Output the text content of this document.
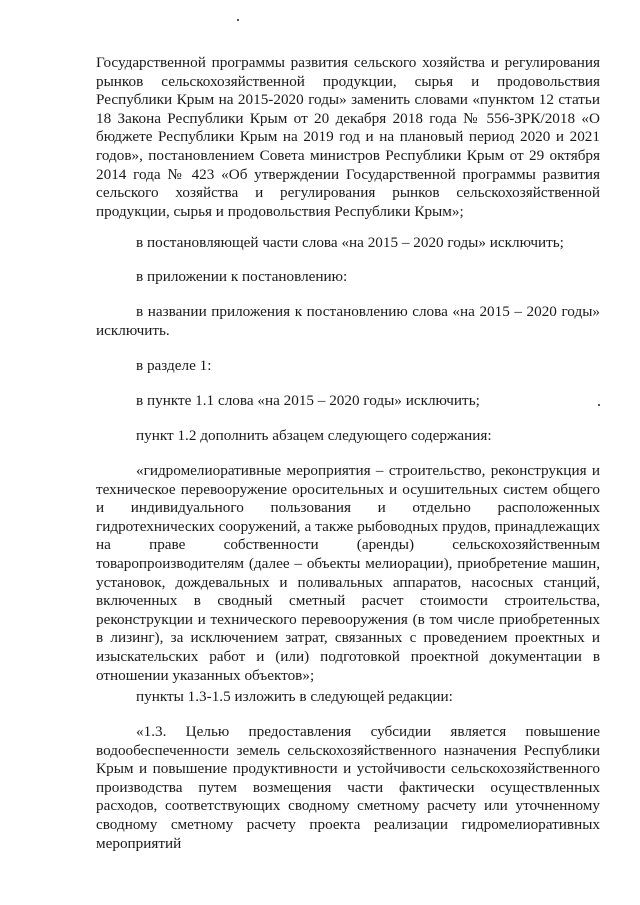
Государственной программы развития сельского хозяйства и регулирования рынков сельскохозяйственной продукции, сырья и продовольствия Республики Крым на 2015-2020 годы» заменить словами «пунктом 12 статьи 18 Закона Республики Крым от 20 декабря 2018 года № 556-ЗРК/2018 «О бюджете Республики Крым на 2019 год и на плановый период 2020 и 2021 годов», постановлением Совета министров Республики Крым от 29 октября 2014 года № 423 «Об утверждении Государственной программы развития сельского хозяйства и регулирования рынков сельскохозяйственной продукции, сырья и продовольствия Республики Крым»;

в постановляющей части слова «на 2015 – 2020 годы» исключить;

в приложении к постановлению:

в названии приложения к постановлению слова «на 2015 – 2020 годы» исключить.

в разделе 1:

в пункте 1.1 слова «на 2015 – 2020 годы» исключить;

пункт 1.2 дополнить абзацем следующего содержания:

«гидромелиоративные мероприятия – строительство, реконструкция и техническое перевооружение оросительных и осушительных систем общего и индивидуального пользования и отдельно расположенных гидротехнических сооружений, а также рыбоводных прудов, принадлежащих на праве собственности (аренды) сельскохозяйственным товаропроизводителям (далее – объекты мелиорации), приобретение машин, установок, дождевальных и поливальных аппаратов, насосных станций, включенных в сводный сметный расчет стоимости строительства, реконструкции и технического перевооружения (в том числе приобретенных в лизинг), за исключением затрат, связанных с проведением проектных и изыскательских работ и (или) подготовкой проектной документации в отношении указанных объектов»;

пункты 1.3-1.5 изложить в следующей редакции:

«1.3. Целью предоставления субсидии является повышение водообеспеченности земель сельскохозяйственного назначения Республики Крым и повышение продуктивности и устойчивости сельскохозяйственного производства путем возмещения части фактически осуществленных расходов, соответствующих сводному сметному расчету или уточненному сводному сметному расчету проекта реализации гидромелиоративных мероприятий
